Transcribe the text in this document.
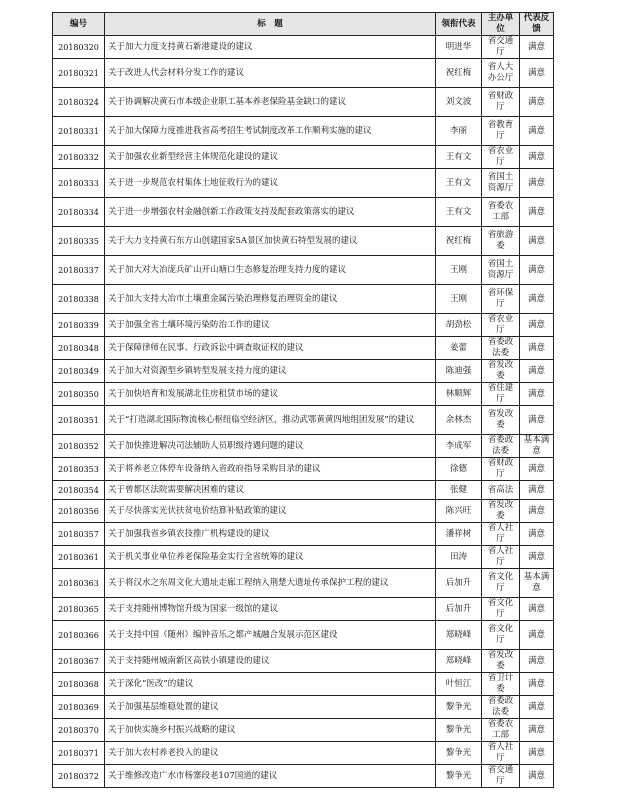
编号	标　题	领衔代表	主办单位	代表反馈
20180320	关于加大力度支持黄石新港建设的建议	明进华	省交通厅	满意
20180321	关于改进人代会材料分发工作的建议	祝红梅	省人大办公厅	满意
20180324	关于协调解决黄石市本级企业职工基本养老保险基金缺口的建议	刘文波	省财政厅	满意
20180331	关于加大保障力度推进我省高考招生考试制度改革工作顺利实施的建议	李丽	省教育厅	满意
20180332	关于加强农业新型经营主体规范化建设的建议	王有文	省农业厅	满意
20180333	关于进一步规范农村集体土地征收行为的建议	王有文	省国土资源厅	满意
20180334	关于进一步增强农村金融创新工作政策支持及配套政策落实的建议	王有文	省委农工部	满意
20180335	关于大力支持黄石东方山创建国家5A景区加快黄石特型发展的建议	祝红梅	省旅游委	满意
20180337	关于加大对大冶庞兵矿山开山塘口生态修复治理支持力度的建议	王刚	省国土资源厅	满意
20180338	关于加大支持大冶市土壤重金属污染治理修复治理资金的建议	王刚	省环保厅	满意
20180339	关于加强全省土壤环境污染防治工作的建议	胡劲松	省农业厅	满意
20180348	关于保障律师在民事、行政诉讼中调查取证权的建议	姜蕾	省委政法委	满意
20180349	关于加大对资源型乡镇转型发展支持力度的建议	陈迪强	省发改委	满意
20180350	关于加快培育和发展湖北住房租赁市场的建议	林顺辉	省住建厅	满意
20180351	关于“打造湖北国际物流核心枢纽临空经济区，推动武鄂黄黄四地组团发展”的建议	余林杰	省发改委	满意
20180352	关于加快推进解决司法辅助人员职级待遇问题的建议	李成军	省委政法委	基本满意
20180353	关于将养老立体停车设备纳入省政府指导采购目录的建议	徐德	省财政厅	满意
20180354	关于曾都区法院需要解决困难的建议	张健	省高法	满意
20180356	关于尽快落实光伏扶贫电价结算补贴政策的建议	陈兴旺	省发改委	满意
20180357	关于加强我省乡镇农技推广机构建设的建议	潘祥树	省人社厅	满意
20180361	关于机关事业单位养老保险基金实行全省统筹的建议	田涛	省人社厅	满意
20180363	关于将汉水之东周文化大遗址走廊工程纳入荆楚大遗址传承保护工程的建议	后加升	省文化厅	基本满意
20180365	关于支持随州博物馆升级为国家一级馆的建议	后加升	省文化厅	满意
20180366	关于支持中国（随州）编钟音乐之都产城融合发展示范区建设	郑晓峰	省文化厅	满意
20180367	关于支持随州城南新区高铁小镇建设的建议	郑晓峰	省发改委	满意
20180368	关于深化“医改”的建议	叶恒江	省卫计委	满意
20180369	关于加强基层维稳处置的建议	黎争光	省委政法委	满意
20180370	关于加快实施乡村振兴战略的建议	黎争光	省委农工部	满意
20180371	关于加大农村养老投入的建议	黎争光	省人社厅	满意
20180372	关于维修改造广水市杨寨段老107国道的建议	黎争光	省交通厅	满意
